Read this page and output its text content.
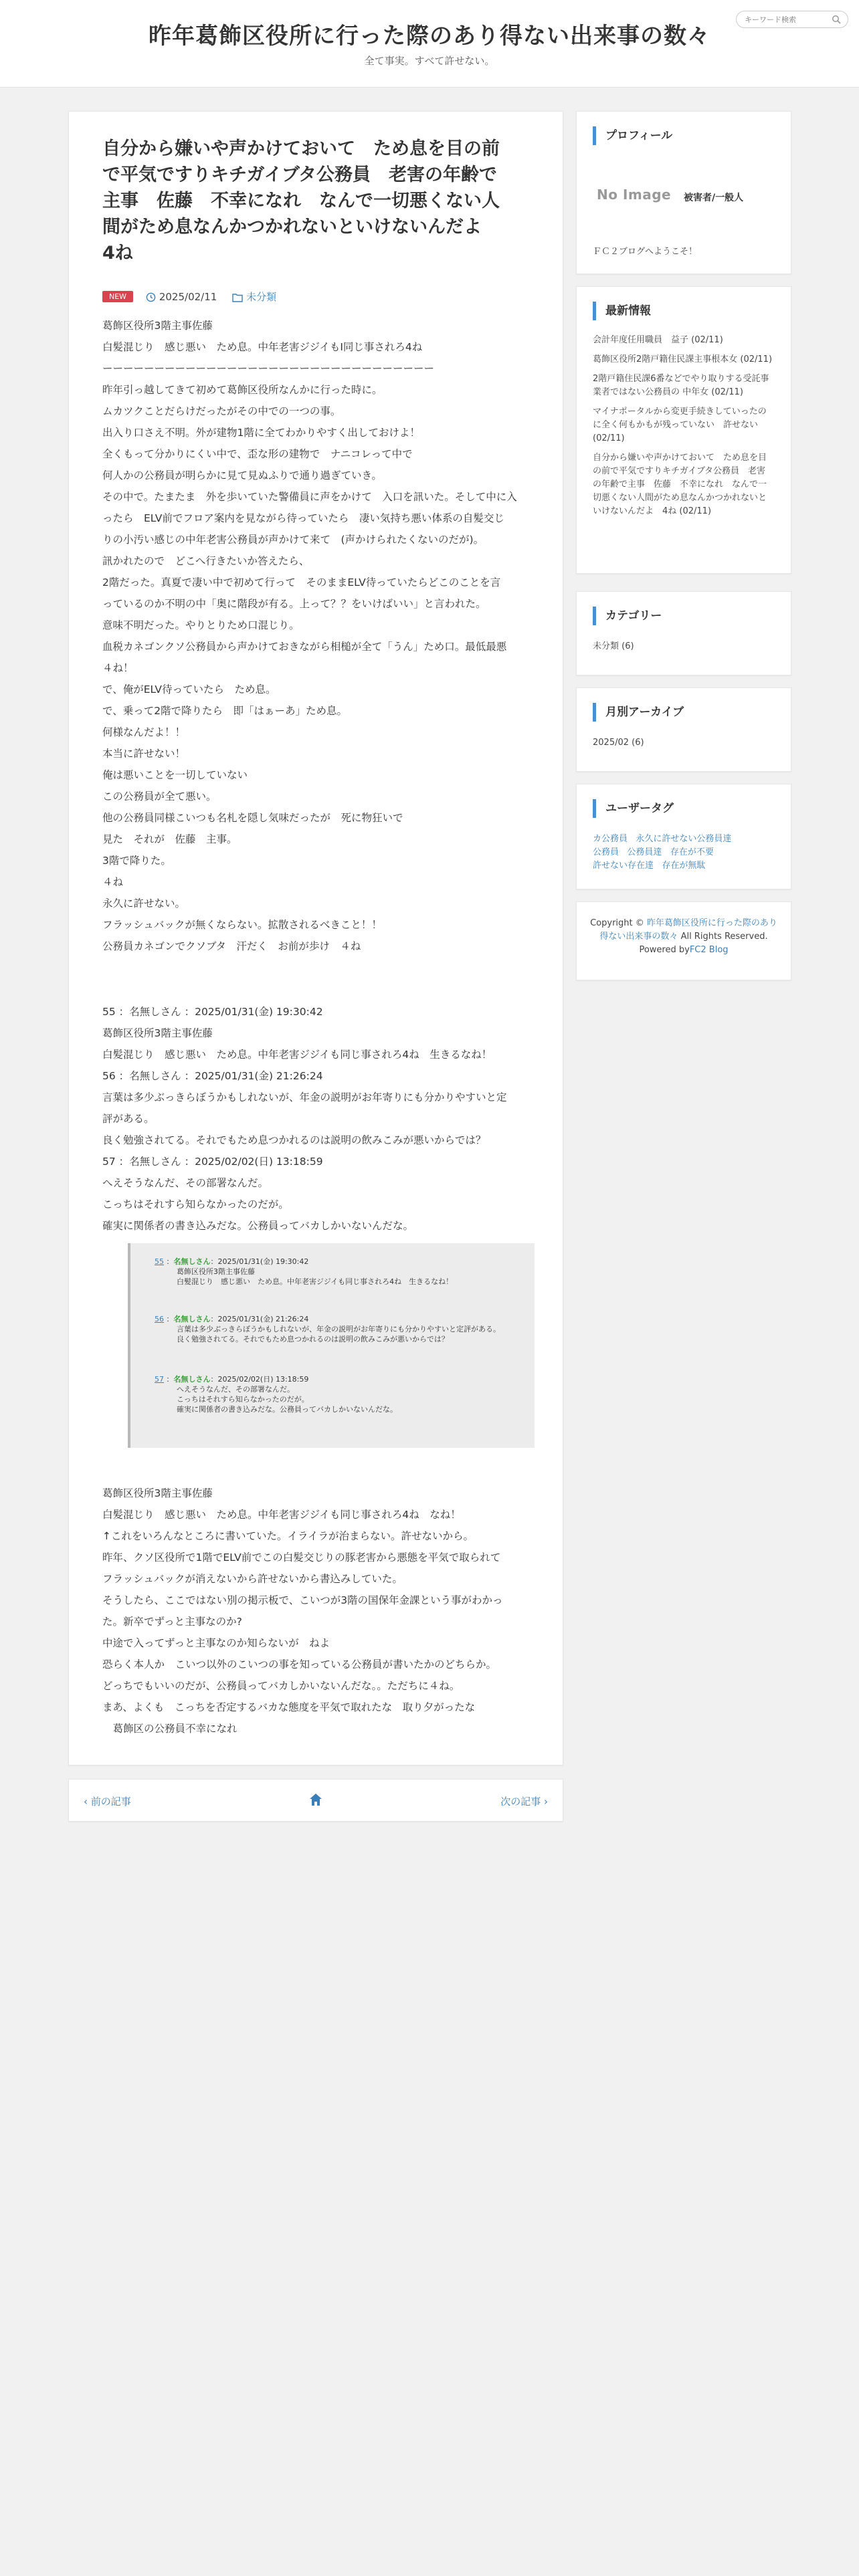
昨年葛飾区役所に行った際のあり得ない出来事の数々
全て事実。すべて許せない。
キーワード検索
自分から嫌いや声かけておいて　ため息を目の前
で平気ですりキチガイブタ公務員　老害の年齢で
主事　佐藤　不幸になれ　なんで一切悪くない人
間がため息なんかつかれないといけないんだよ
4ね
NEW	2025/02/11	未分類
葛飾区役所3階主事佐藤
白髪混じり　感じ悪い　ため息。中年老害ジジイもI同じ事されろ4ね
ーーーーーーーーーーーーーーーーーーーーーーーーーーーーーーーー
昨年引っ越してきて初めて葛飾区役所なんかに行った時に。
ムカツクことだらけだったがその中での一つの事。
出入り口さえ不明。外が建物1階に全てわかりやすく出しておけよ！
全くもって分かりにくい中で、歪な形の建物で　ナニコレって中で
何人かの公務員が明らかに見て見ぬふりで通り過ぎていき。
その中で。たまたま　外を歩いていた警備員に声をかけて　入口を訊いた。そして中に入
ったら　ELV前でフロア案内を見ながら待っていたら　凄い気持ち悪い体系の自髪交じ
りの小汚い感じの中年老害公務員が声かけて来て　(声かけられたくないのだが)。
訊かれたので　どこへ行きたいか答えたら、
2階だった。真夏で凄い中で初めて行って　そのままELV待っていたらどこのことを言
っているのか不明の中「奥に階段が有る。上って？？をいけばいい」と言われた。
意味不明だった。やりとりため口混じり。
血税カネゴンクソ公務員から声かけておきながら相槌が全て「うん」ため口。最低最悪
４ね！
で、俺がELV待っていたら　ため息。
で、乗って2階で降りたら　即「はぁーあ」ため息。
何様なんだよ！！
本当に許せない！
俺は悪いことを一切していない
この公務員が全て悪い。
他の公務員同様こいつも名札を隠し気味だったが　死に物狂いで
見た　それが　佐藤　主事。
3階で降りた。
４ね
永久に許せない。
フラッシュバックが無くならない。拡散されるべきこと！！
公務員カネゴンでクソブタ　汗だく　お前が歩け　４ね
55 ：名無しさん ：2025/01/31(金) 19:30:42
葛飾区役所3階主事佐藤
白髪混じり　感じ悪い　ため息。中年老害ジジイも同じ事されろ4ね　生きるなね！
56 ：名無しさん ：2025/01/31(金) 21:26:24
言葉は多少ぶっきらぼうかもしれないが、年金の説明がお年寄りにも分かりやすいと定
評がある。
良く勉強されてる。それでもため息つかれるのは説明の飲みこみが悪いからでは？
57 ：名無しさん ：2025/02/02(日) 13:18:59
へえそうなんだ、その部署なんだ。
こっちはそれすら知らなかったのだが。
確実に関係者の書き込みだな。公務員ってバカしかいないんだな。
55 ：名無しさん：2025/01/31(金) 19:30:42
葛飾区役所3階主事佐藤
白髪混じり　感じ悪い　ため息。中年老害ジジイも同じ事されろ4ね　生きるなね！
56 ：名無しさん：2025/01/31(金) 21:26:24
言葉は多少ぶっきらぼうかもしれないが、年金の説明がお年寄りにも分かりやすいと定評がある。
良く勉強されてる。それでもため息つかれるのは説明の飲みこみが悪いからでは？
57 ：名無しさん：2025/02/02(日) 13:18:59
へえそうなんだ、その部署なんだ。
こっちはそれすら知らなかったのだが。
確実に関係者の書き込みだな。公務員ってバカしかいないんだな。
葛飾区役所3階主事佐藤
白髪混じり　感じ悪い　ため息。中年老害ジジイも同じ事されろ4ね　なね！
↑これをいろんなところに書いていた。イライラが治まらない。許せないから。
昨年、クソ区役所で1階でELV前でこの白髪交じりの豚老害から悪態を平気で取られて
フラッシュバックが消えないから許せないから書込みしていた。
そうしたら、ここではない別の掲示板で、こいつが3階の国保年金課という事がわかっ
た。新卒でずっと主事なのか?
中途で入ってずっと主事なのか知らないが　ねよ
恐らく本人か　こいつ以外のこいつの事を知っている公務員が書いたかのどちらか。
どっちでもいいのだが、公務員ってバカしかいないんだな。。ただちに４ね。
まあ、よくも　こっちを否定するバカな態度を平気で取れたな　取り夕がったな
　葛飾区の公務員不幸になれ
‹ 前の記事	次の記事 ›
プロフィール
No Image 被害者/一般人
ＦＣ２ブログへようこそ！
最新情報
会計年度任用職員　益子 (02/11)
葛飾区役所2階戸籍住民課主事根本女 (02/11)
2階戸籍住民課6番などでやり取りする受託事業者ではない公務員の 中年女 (02/11)
マイナポータルから変更手続きしていったのに全く何もかもが残っていない　許せない (02/11)
自分から嫌いや声かけておいて　ため息を目の前で平気ですりキチガイブタ公務員　老害の年齢で主事　佐藤　不幸になれ　なんで一切悪くない人間がため息なんかつかれないといけないんだよ　4ね (02/11)
カテゴリー
未分類 (6)
月別アーカイブ
2025/02 (6)
ユーザータグ
カ公務員 永久に許せない公務員達
公務員 公務員達 存在が不要
許せない存在達 存在が無駄
Copyright © 昨年葛飾区役所に行った際のあり得ない出来事の数々 All Rights Reserved.
Powered byFC2 Blog
